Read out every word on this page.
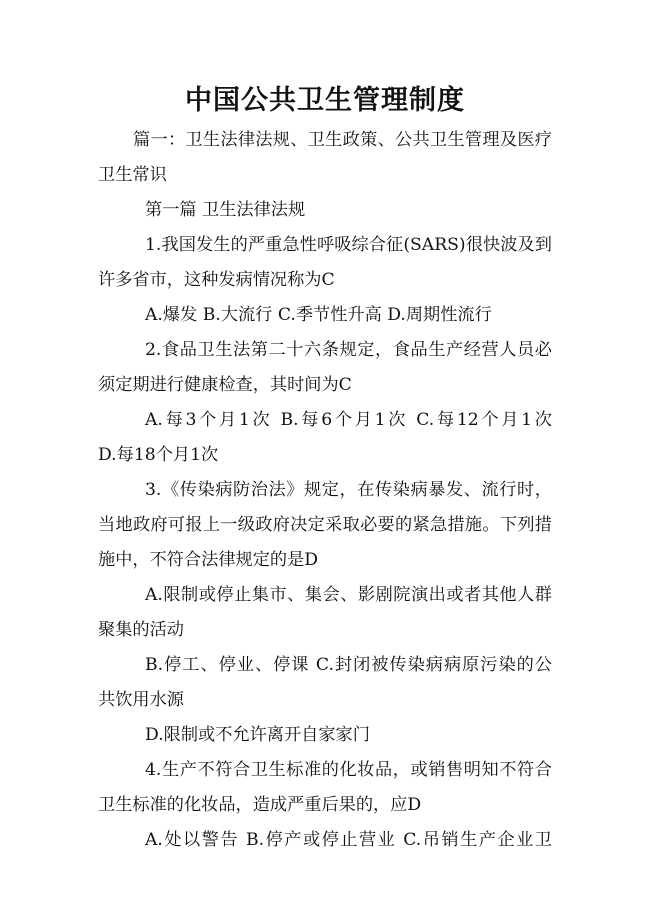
中国公共卫生管理制度
篇一：卫生法律法规、卫生政策、公共卫生管理及医疗
卫生常识
第一篇 卫生法律法规
1.我国发生的严重急性呼吸综合征(SARS)很快波及到
许多省市，这种发病情况称为C
A.爆发 B.大流行 C.季节性升高 D.周期性流行
2.食品卫生法第二十六条规定，食品生产经营人员必
须定期进行健康检查，其时间为C
A.每3个月1次 B.每6个月1次 C.每12个月1次
D.每18个月1次
3.《传染病防治法》规定，在传染病暴发、流行时，
当地政府可报上一级政府决定采取必要的紧急措施。下列措
施中，不符合法律规定的是D
A.限制或停止集市、集会、影剧院演出或者其他人群
聚集的活动
B.停工、停业、停课 C.封闭被传染病病原污染的公
共饮用水源
D.限制或不允许离开自家家门
4.生产不符合卫生标准的化妆品，或销售明知不符合
卫生标准的化妆品，造成严重后果的，应D
A.处以警告 B.停产或停止营业 C.吊销生产企业卫
